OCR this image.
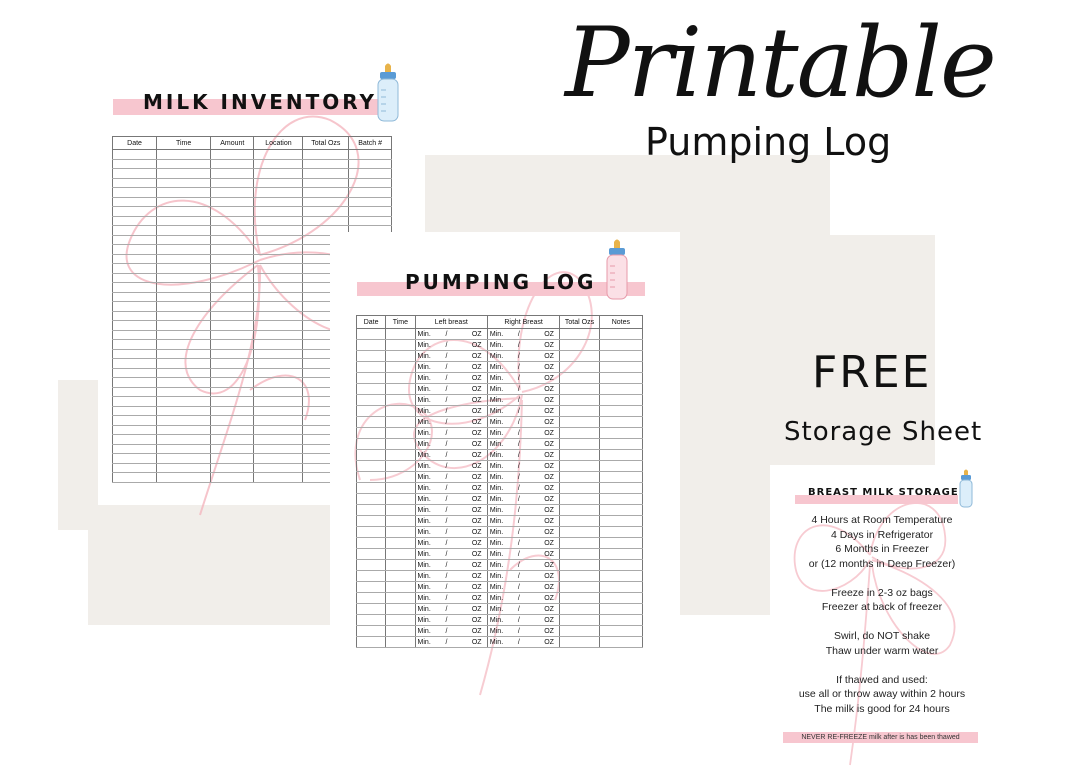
Printable
Pumping Log
MILK INVENTORY
Date	Time	Amount	Location	Total Ozs	Batch #

PUMPING LOG
Date	Time	Left breast	Right Breast	Total Ozs	Notes
		Min. / OZ	Min. / OZ		
		Min. / OZ	Min. / OZ		
		Min. / OZ	Min. / OZ		
		Min. / OZ	Min. / OZ		
		Min. / OZ	Min. / OZ		
		Min. / OZ	Min. / OZ		
		Min. / OZ	Min. / OZ		
		Min. / OZ	Min. / OZ		
		Min. / OZ	Min. / OZ		
		Min. / OZ	Min. / OZ		
		Min. / OZ	Min. / OZ		
		Min. / OZ	Min. / OZ		
		Min. / OZ	Min. / OZ		
		Min. / OZ	Min. / OZ		
		Min. / OZ	Min. / OZ		
		Min. / OZ	Min. / OZ		
		Min. / OZ	Min. / OZ		
		Min. / OZ	Min. / OZ		
		Min. / OZ	Min. / OZ		
		Min. / OZ	Min. / OZ		
		Min. / OZ	Min. / OZ		
		Min. / OZ	Min. / OZ		
		Min. / OZ	Min. / OZ		
		Min. / OZ	Min. / OZ		
		Min. / OZ	Min. / OZ		
		Min. / OZ	Min. / OZ		
		Min. / OZ	Min. / OZ		
		Min. / OZ	Min. / OZ		
		Min. / OZ	Min. / OZ		
FREE
Storage Sheet
BREAST MILK STORAGE
4 Hours at Room Temperature
4 Days in Refrigerator
6 Months in Freezer
or (12 months in Deep Freezer)
Freeze in 2-3 oz bags
Freezer at back of freezer
Swirl, do NOT shake
Thaw under warm water
If thawed and used:
use all or throw away within 2 hours
The milk is good for 24 hours
NEVER RE-FREEZE milk after is has been thawed
